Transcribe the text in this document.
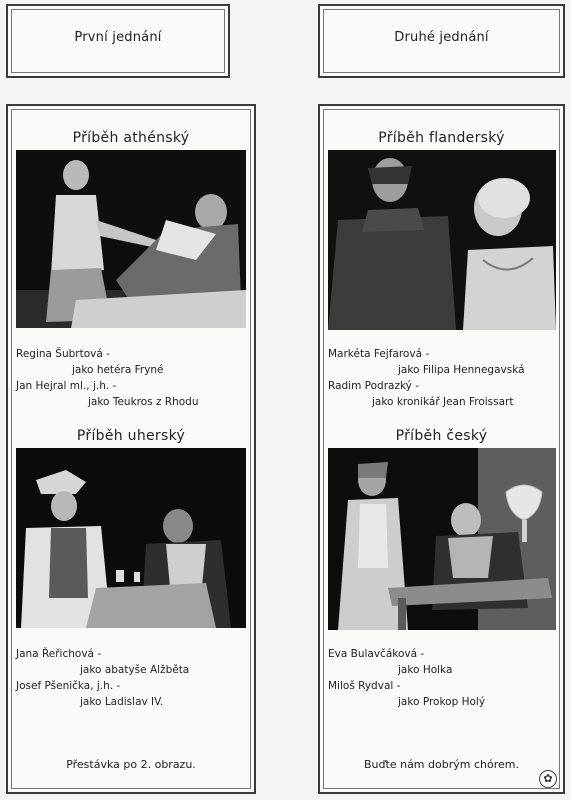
První jednání	Druhé jednání
Příběh athénský
Regina Šubrtová -
jako hetéra Fryné
Jan Hejral ml., j.h. -
jako Teukros z Rhodu
Příběh uherský
Jana Řeřichová -
jako abatyše Alžběta
Josef Pšenička, j.h. -
jako Ladislav IV.
Přestávka po 2. obrazu.
Příběh flanderský
Markéta Fejfarová -
jako Filipa Hennegavská
Radim Podrazký -
jako kronikář Jean Froissart
Příběh český
Eva Bulavčáková -
jako Holka
Miloš Rydval -
jako Prokop Holý
Buďte nám dobrým chórem.
✿
